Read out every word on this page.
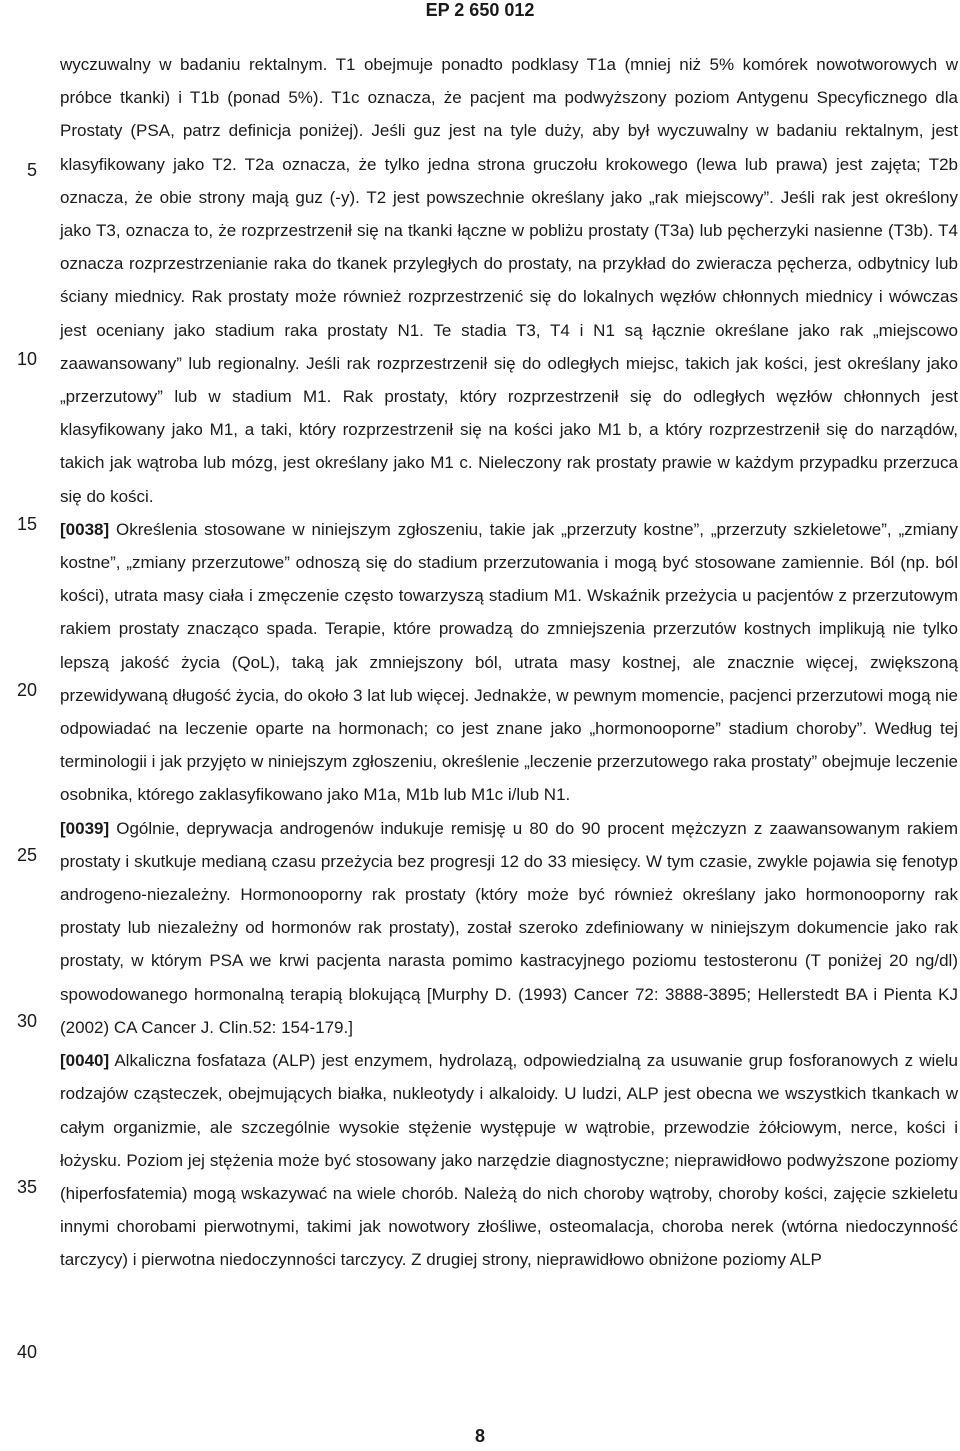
EP 2 650 012
5
10
15
20
25
30
35
40

wyczuwalny w badaniu rektalnym. T1 obejmuje ponadto podklasy T1a (mniej niż 5% komórek nowotworowych w próbce tkanki) i T1b (ponad 5%). T1c oznacza, że pacjent ma podwyższony poziom Antygenu Specyficznego dla Prostaty (PSA, patrz definicja poniżej). Jeśli guz jest na tyle duży, aby był wyczuwalny w badaniu rektalnym, jest klasyfikowany jako T2. T2a oznacza, że tylko jedna strona gruczołu krokowego (lewa lub prawa) jest zajęta; T2b oznacza, że obie strony mają guz (-y). T2 jest powszechnie określany jako „rak miejscowy”. Jeśli rak jest określony jako T3, oznacza to, że rozprzestrzenił się na tkanki łączne w pobliżu prostaty (T3a) lub pęcherzyki nasienne (T3b). T4 oznacza rozprzestrzenianie raka do tkanek przyległych do prostaty, na przykład do zwieracza pęcherza, odbytnicy lub ściany miednicy. Rak prostaty może również rozprzestrzenić się do lokalnych węzłów chłonnych miednicy i wówczas jest oceniany jako stadium raka prostaty N1. Te stadia T3, T4 i N1 są łącznie określane jako rak „miejscowo zaawansowany” lub regionalny. Jeśli rak rozprzestrzenił się do odległych miejsc, takich jak kości, jest określany jako „przerzutowy” lub w stadium M1. Rak prostaty, który rozprzestrzenił się do odległych węzłów chłonnych jest klasyfikowany jako M1, a taki, który rozprzestrzenił się na kości jako M1 b, a który rozprzestrzenił się do narządów, takich jak wątroba lub mózg, jest określany jako M1 c. Nieleczony rak prostaty prawie w każdym przypadku przerzuca się do kości.

[0038] Określenia stosowane w niniejszym zgłoszeniu, takie jak „przerzuty kostne”, „przerzuty szkieletowe”, „zmiany kostne”, „zmiany przerzutowe” odnoszą się do stadium przerzutowania i mogą być stosowane zamiennie. Ból (np. ból kości), utrata masy ciała i zmęczenie często towarzyszą stadium M1. Wskaźnik przeżycia u pacjentów z przerzutowym rakiem prostaty znacząco spada. Terapie, które prowadzą do zmniejszenia przerzutów kostnych implikują nie tylko lepszą jakość życia (QoL), taką jak zmniejszony ból, utrata masy kostnej, ale znacznie więcej, zwiększoną przewidywaną długość życia, do około 3 lat lub więcej. Jednakże, w pewnym momencie, pacjenci przerzutowi mogą nie odpowiadać na leczenie oparte na hormonach; co jest znane jako „hormonooporne” stadium choroby”. Według tej terminologii i jak przyjęto w niniejszym zgłoszeniu, określenie „leczenie przerzutowego raka prostaty” obejmuje leczenie osobnika, którego zaklasyfikowano jako M1a, M1b lub M1c i/lub N1.

[0039] Ogólnie, deprywacja androgenów indukuje remisję u 80 do 90 procent mężczyzn z zaawansowanym rakiem prostaty i skutkuje medianą czasu przeżycia bez progresji 12 do 33 miesięcy. W tym czasie, zwykle pojawia się fenotyp androgeno-niezależny. Hormonooporny rak prostaty (który może być również określany jako hormonooporny rak prostaty lub niezależny od hormonów rak prostaty), został szeroko zdefiniowany w niniejszym dokumencie jako rak prostaty, w którym PSA we krwi pacjenta narasta pomimo kastracyjnego poziomu testosteronu (T poniżej 20 ng/dl) spowodowanego hormonalną terapią blokującą [Murphy D. (1993) Cancer 72: 3888-3895; Hellerstedt BA i Pienta KJ (2002) CA Cancer J. Clin.52: 154-179.]

[0040] Alkaliczna fosfataza (ALP) jest enzymem, hydrolazą, odpowiedzialną za usuwanie grup fosforanowych z wielu rodzajów cząsteczek, obejmujących białka, nukleotydy i alkaloidy. U ludzi, ALP jest obecna we wszystkich tkankach w całym organizmie, ale szczególnie wysokie stężenie występuje w wątrobie, przewodzie żółciowym, nerce, kości i łożysku. Poziom jej stężenia może być stosowany jako narzędzie diagnostyczne; nieprawidłowo podwyższone poziomy (hiperfosfatemia) mogą wskazywać na wiele chorób. Należą do nich choroby wątroby, choroby kości, zajęcie szkieletu innymi chorobami pierwotnymi, takimi jak nowotwory złośliwe, osteomalacja, choroba nerek (wtórna niedoczynność tarczycy) i pierwotna niedoczynności tarczycy. Z drugiej strony, nieprawidłowo obniżone poziomy ALP

8
